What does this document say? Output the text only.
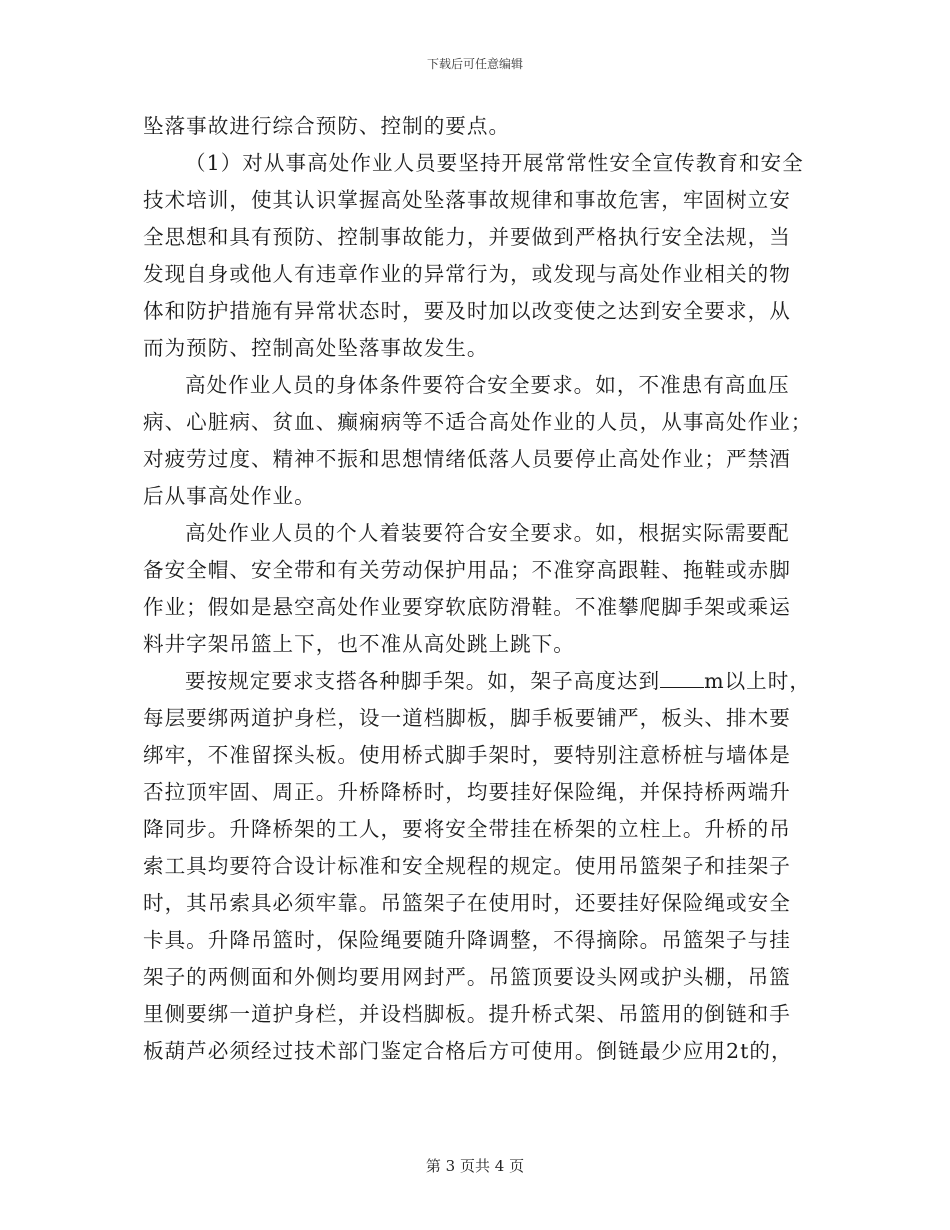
下载后可任意编辑
坠落事故进行综合预防、控制的要点。
（1）对从事高处作业人员要坚持开展常常性安全宣传教育和安全
技术培训，使其认识掌握高处坠落事故规律和事故危害，牢固树立安
全思想和具有预防、控制事故能力，并要做到严格执行安全法规，当
发现自身或他人有违章作业的异常行为，或发现与高处作业相关的物
体和防护措施有异常状态时，要及时加以改变使之达到安全要求，从
而为预防、控制高处坠落事故发生。
高处作业人员的身体条件要符合安全要求。如，不准患有高血压
病、心脏病、贫血、癫痫病等不适合高处作业的人员，从事高处作业；
对疲劳过度、精神不振和思想情绪低落人员要停止高处作业；严禁酒
后从事高处作业。
高处作业人员的个人着装要符合安全要求。如，根据实际需要配
备安全帽、安全带和有关劳动保护用品；不准穿高跟鞋、拖鞋或赤脚
作业；假如是悬空高处作业要穿软底防滑鞋。不准攀爬脚手架或乘运
料井字架吊篮上下，也不准从高处跳上跳下。
要按规定要求支搭各种脚手架。如，架子高度达到 m以上时，
每层要绑两道护身栏，设一道档脚板，脚手板要铺严，板头、排木要
绑牢，不准留探头板。使用桥式脚手架时，要特别注意桥桩与墙体是
否拉顶牢固、周正。升桥降桥时，均要挂好保险绳，并保持桥两端升
降同步。升降桥架的工人，要将安全带挂在桥架的立柱上。升桥的吊
索工具均要符合设计标准和安全规程的规定。使用吊篮架子和挂架子
时，其吊索具必须牢靠。吊篮架子在使用时，还要挂好保险绳或安全
卡具。升降吊篮时，保险绳要随升降调整，不得摘除。吊篮架子与挂
架子的两侧面和外侧均要用网封严。吊篮顶要设头网或护头棚，吊篮
里侧要绑一道护身栏，并设档脚板。提升桥式架、吊篮用的倒链和手
板葫芦必须经过技术部门鉴定合格后方可使用。倒链最少应用2t的，
第 3 页共 4 页
